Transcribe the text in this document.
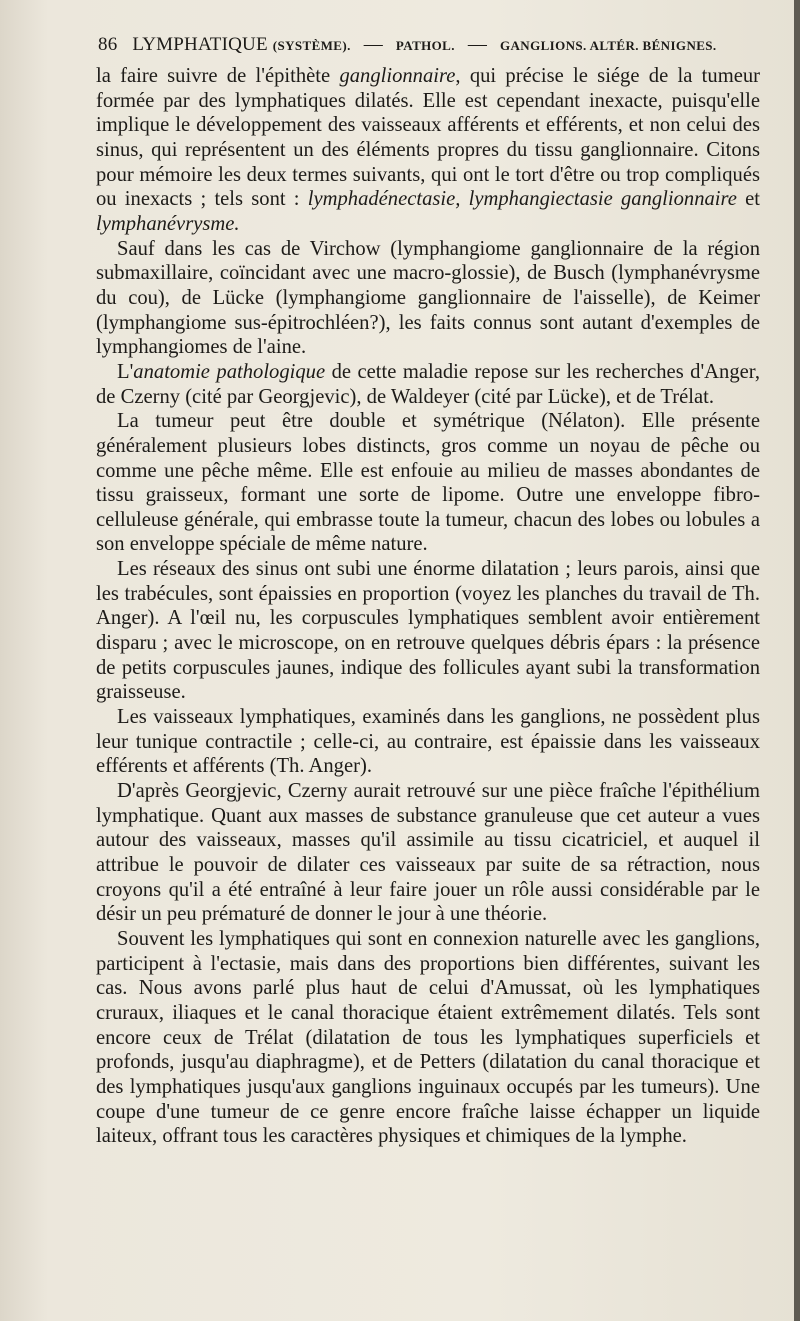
86 LYMPHATIQUE (SYSTÈME). — PATHOL. — GANGLIONS. ALTÉR. BÉNIGNES.

la faire suivre de l'épithète ganglionnaire, qui précise le siége de la tumeur formée par des lymphatiques dilatés. Elle est cependant inexacte, puisqu'elle implique le développement des vaisseaux afférents et efférents, et non celui des sinus, qui représentent un des éléments propres du tissu ganglionnaire. Citons pour mémoire les deux termes suivants, qui ont le tort d'être ou trop compliqués ou inexacts ; tels sont : lymphadénectasie, lymphangiectasie ganglionnaire et lymphanévrysme.

Sauf dans les cas de Virchow (lymphangiome ganglionnaire de la région submaxillaire, coïncidant avec une macro-glossie), de Busch (lymphanévrysme du cou), de Lücke (lymphangiome ganglionnaire de l'aisselle), de Keimer (lymphangiome sus-épitrochléen?), les faits connus sont autant d'exemples de lymphangiomes de l'aine.

L'anatomie pathologique de cette maladie repose sur les recherches d'Anger, de Czerny (cité par Georgjevic), de Waldeyer (cité par Lücke), et de Trélat.

La tumeur peut être double et symétrique (Nélaton). Elle présente généralement plusieurs lobes distincts, gros comme un noyau de pêche ou comme une pêche même. Elle est enfouie au milieu de masses abondantes de tissu graisseux, formant une sorte de lipome. Outre une enveloppe fibro-celluleuse générale, qui embrasse toute la tumeur, chacun des lobes ou lobules a son enveloppe spéciale de même nature.

Les réseaux des sinus ont subi une énorme dilatation ; leurs parois, ainsi que les trabécules, sont épaissies en proportion (voyez les planches du travail de Th. Anger). A l'œil nu, les corpuscules lymphatiques semblent avoir entièrement disparu ; avec le microscope, on en retrouve quelques débris épars : la présence de petits corpuscules jaunes, indique des follicules ayant subi la transformation graisseuse.

Les vaisseaux lymphatiques, examinés dans les ganglions, ne possèdent plus leur tunique contractile ; celle-ci, au contraire, est épaissie dans les vaisseaux efférents et afférents (Th. Anger).

D'après Georgjevic, Czerny aurait retrouvé sur une pièce fraîche l'épithélium lymphatique. Quant aux masses de substance granuleuse que cet auteur a vues autour des vaisseaux, masses qu'il assimile au tissu cicatriciel, et auquel il attribue le pouvoir de dilater ces vaisseaux par suite de sa rétraction, nous croyons qu'il a été entraîné à leur faire jouer un rôle aussi considérable par le désir un peu prématuré de donner le jour à une théorie.

Souvent les lymphatiques qui sont en connexion naturelle avec les ganglions, participent à l'ectasie, mais dans des proportions bien différentes, suivant les cas. Nous avons parlé plus haut de celui d'Amussat, où les lymphatiques cruraux, iliaques et le canal thoracique étaient extrêmement dilatés. Tels sont encore ceux de Trélat (dilatation de tous les lymphatiques superficiels et profonds, jusqu'au diaphragme), et de Petters (dilatation du canal thoracique et des lymphatiques jusqu'aux ganglions inguinaux occupés par les tumeurs). Une coupe d'une tumeur de ce genre encore fraîche laisse échapper un liquide laiteux, offrant tous les caractères physiques et chimiques de la lymphe.
